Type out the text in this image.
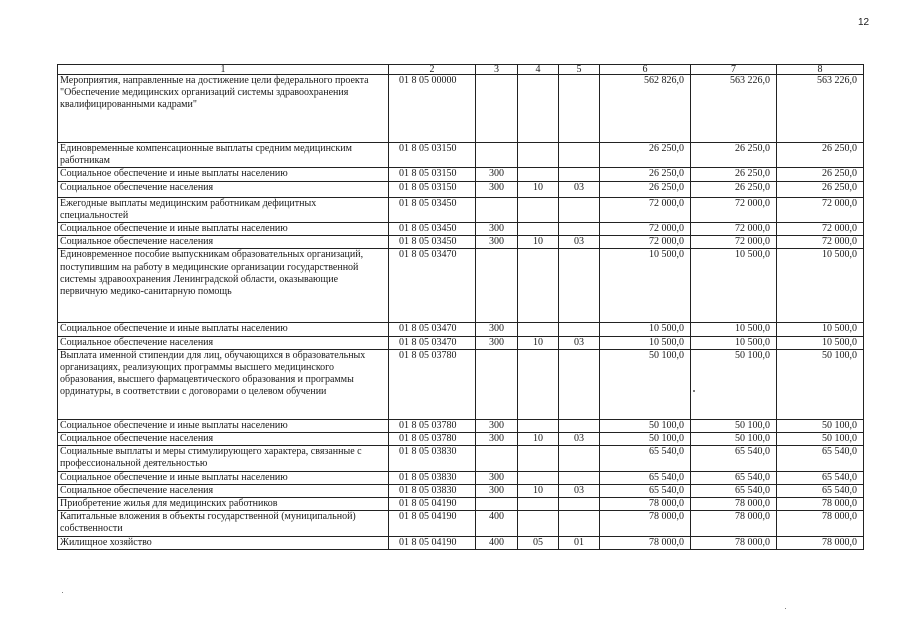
12
1	2	3	4	5	6	7	8
Мероприятия, направленные на достижение цели федерального проекта "Обеспечение медицинских организаций системы здравоохранения квалифицированными кадрами"	01 8 05 00000				562 826,0	563 226,0	563 226,0
Единовременные компенсационные выплаты средним медицинским работникам	01 8 05 03150				26 250,0	26 250,0	26 250,0
Социальное обеспечение и иные выплаты населению	01 8 05 03150	300			26 250,0	26 250,0	26 250,0
Социальное обеспечение населения	01 8 05 03150	300	10	03	26 250,0	26 250,0	26 250,0
Ежегодные выплаты медицинским работникам дефицитных специальностей	01 8 05 03450				72 000,0	72 000,0	72 000,0
Социальное обеспечение и иные выплаты населению	01 8 05 03450	300			72 000,0	72 000,0	72 000,0
Социальное обеспечение населения	01 8 05 03450	300	10	03	72 000,0	72 000,0	72 000,0
Единовременное пособие выпускникам образовательных организаций, поступившим на работу в медицинские организации государственной системы здравоохранения Ленинградской области, оказывающие первичную медико-санитарную помощь	01 8 05 03470				10 500,0	10 500,0	10 500,0
Социальное обеспечение и иные выплаты населению	01 8 05 03470	300			10 500,0	10 500,0	10 500,0
Социальное обеспечение населения	01 8 05 03470	300	10	03	10 500,0	10 500,0	10 500,0
Выплата именной стипендии для лиц, обучающихся в образовательных организациях, реализующих программы высшего медицинского образования, высшего фармацевтического образования и программы ординатуры, в соответствии с договорами о целевом обучении	01 8 05 03780				50 100,0	50 100,0	50 100,0
Социальное обеспечение и иные выплаты населению	01 8 05 03780	300			50 100,0	50 100,0	50 100,0
Социальное обеспечение населения	01 8 05 03780	300	10	03	50 100,0	50 100,0	50 100,0
Социальные выплаты и меры стимулирующего характера, связанные с профессиональной деятельностью	01 8 05 03830				65 540,0	65 540,0	65 540,0
Социальное обеспечение и иные выплаты населению	01 8 05 03830	300			65 540,0	65 540,0	65 540,0
Социальное обеспечение населения	01 8 05 03830	300	10	03	65 540,0	65 540,0	65 540,0
Приобретение жилья для медицинских работников	01 8 05 04190				78 000,0	78 000,0	78 000,0
Капитальные вложения в объекты государственной (муниципальной) собственности	01 8 05 04190	400			78 000,0	78 000,0	78 000,0
Жилищное хозяйство	01 8 05 04190	400	05	01	78 000,0	78 000,0	78 000,0
